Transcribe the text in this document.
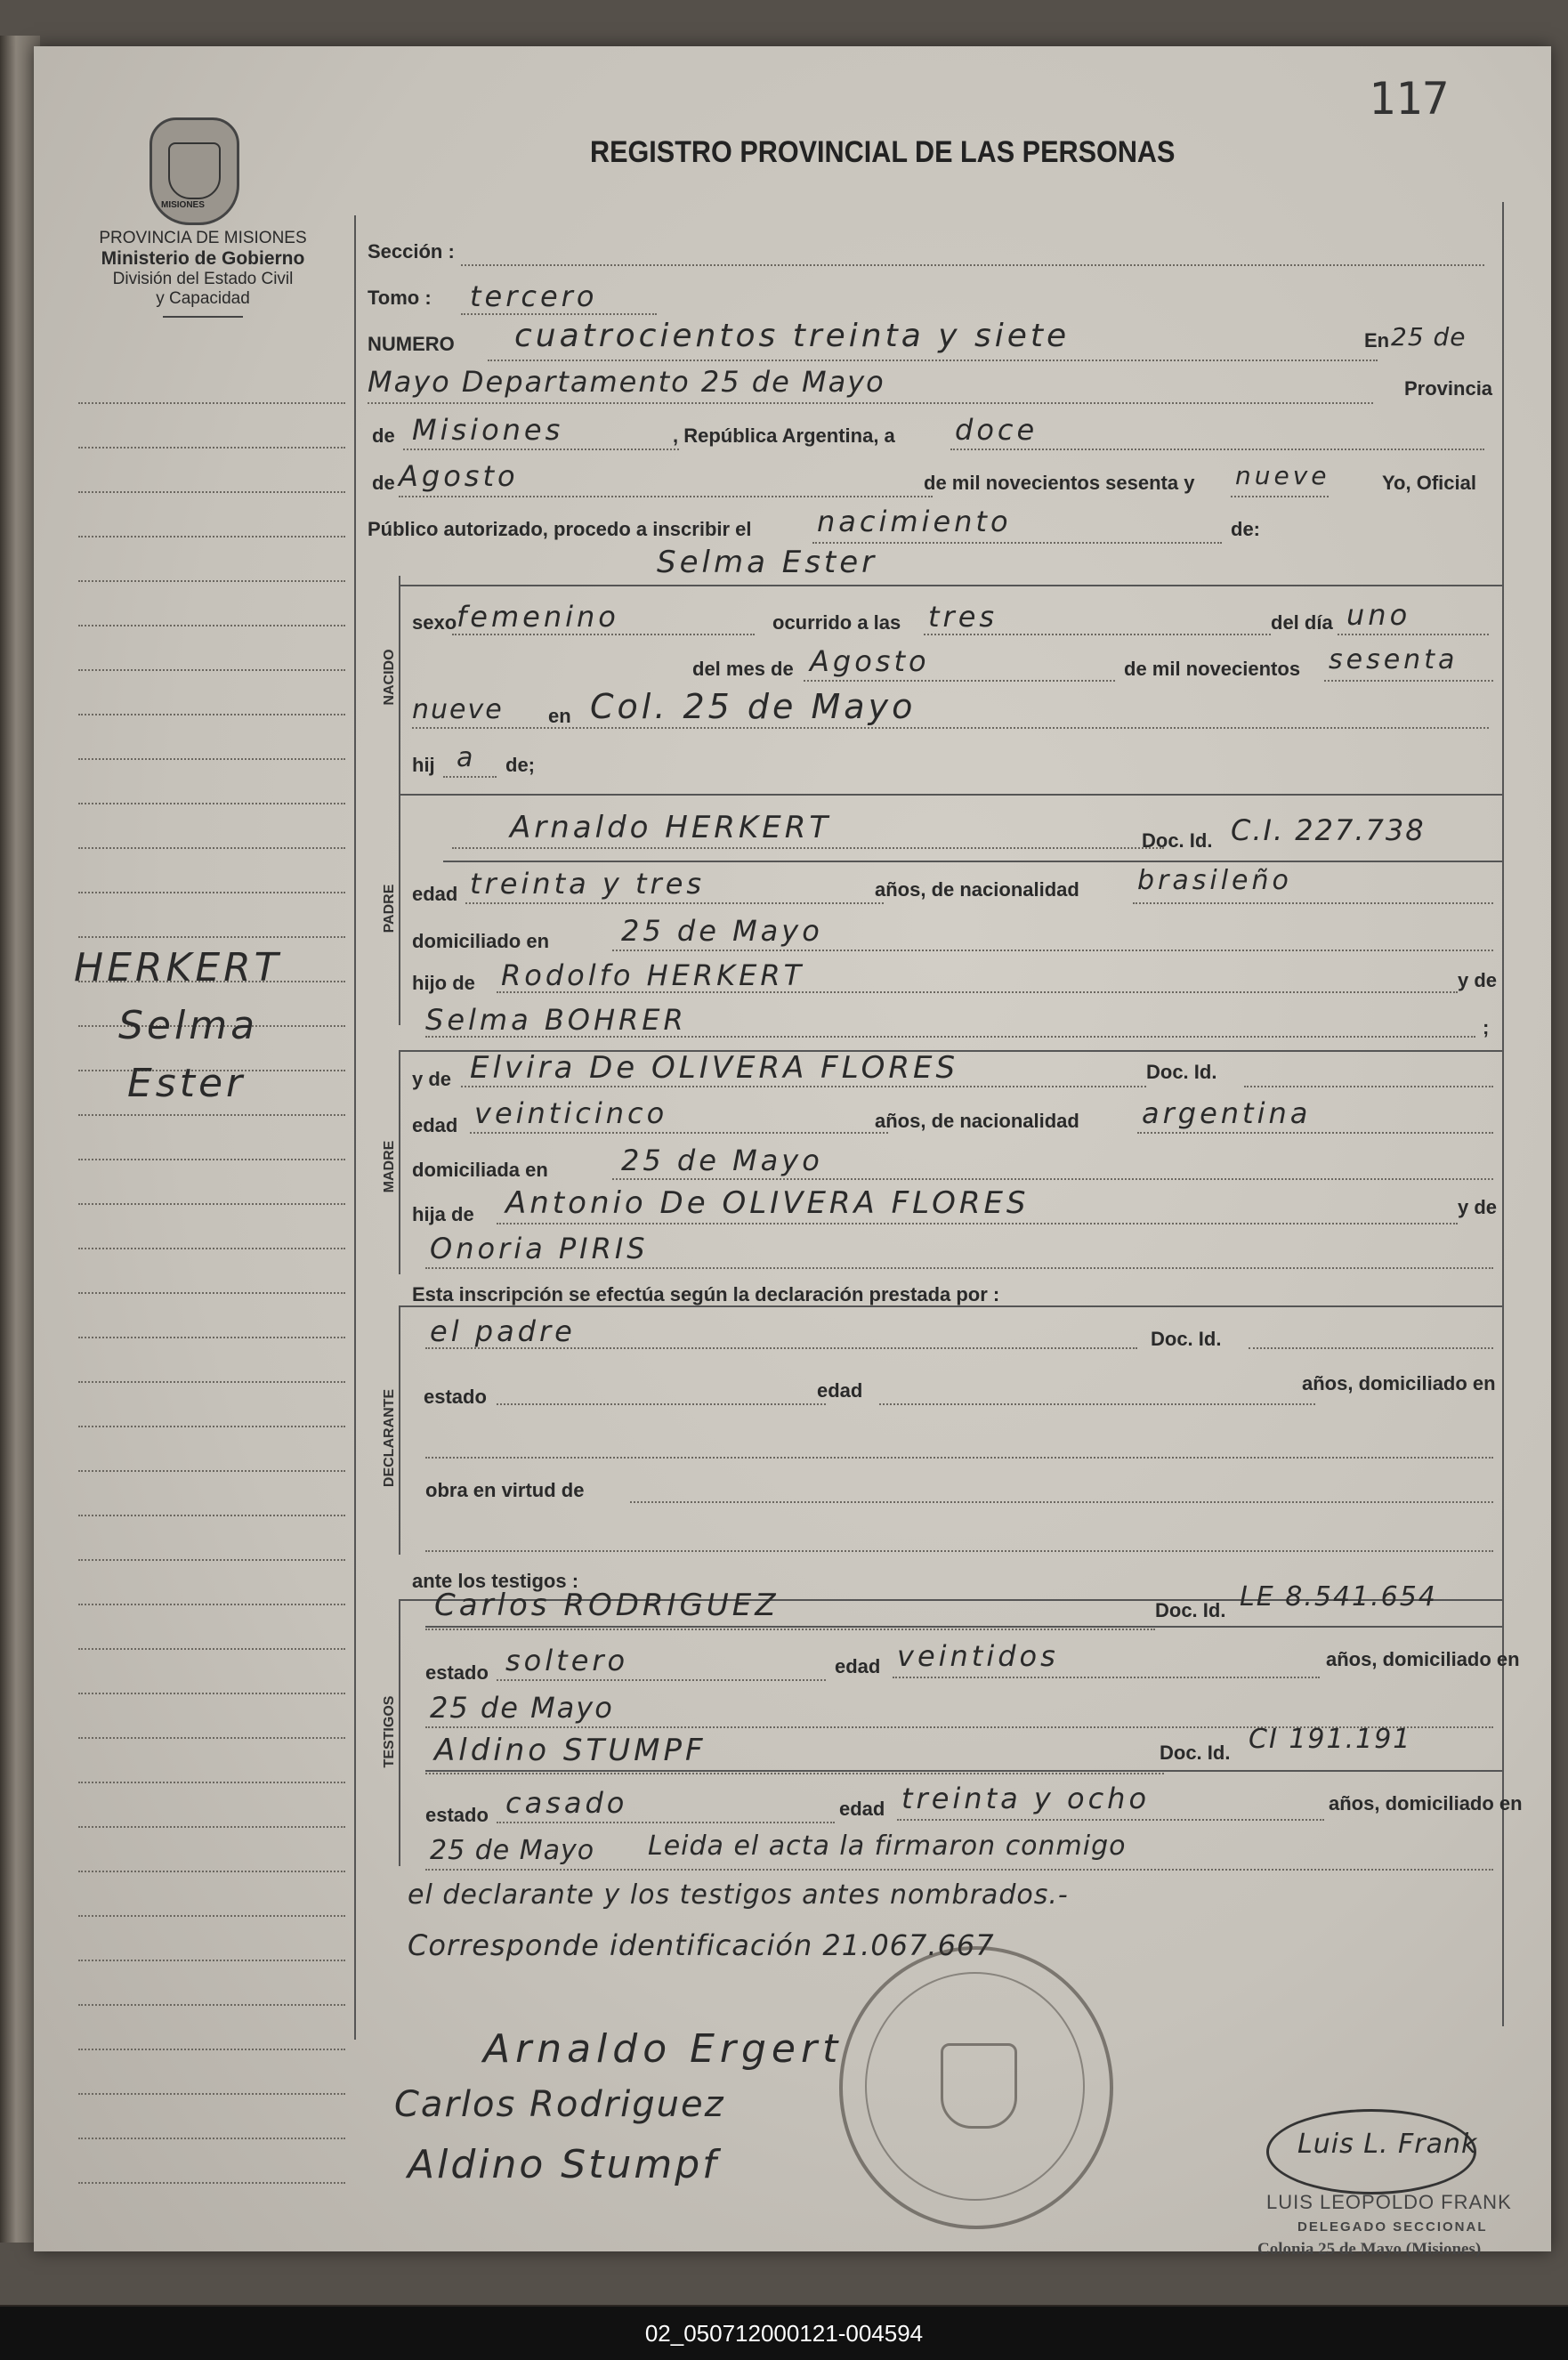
117
MISIONES
REGISTRO PROVINCIAL DE LAS PERSONAS
PROVINCIA DE MISIONES
Ministerio de Gobierno
División del Estado Civil
y Capacidad
HERKERT
Selma
Ester
Sección :
Tomo : tercero
NUMERO cuatrocientos treinta y siete	En 25 de
Mayo Departamento 25 de Mayo	Provincia
de Misiones	, República Argentina, a doce
de Agosto	de mil novecientos sesenta y nueve	Yo, Oficial
Público autorizado, procedo a inscribir el nacimiento	de:
NACIDO
Selma Ester
sexo femenino	ocurrido a las tres	del día uno
del mes de Agosto	de mil novecientos sesenta
nueve en Col. 25 de Mayo
hij a de;
PADRE
Arnaldo HERKERT	Doc. Id. C.I. 227.738
edad treinta y tres	años, de nacionalidad brasileño
domiciliado en	25 de Mayo
hijo de Rodolfo HERKERT	y de
Selma BOHRER	;
MADRE
y de Elvira De OLIVERA FLORES	Doc. Id.
edad veinticinco	años, de nacionalidad argentina
domiciliada en	25 de Mayo
hija de Antonio De OLIVERA FLORES	y de
Onoria PIRIS
Esta inscripción se efectúa según la declaración prestada por :
DECLARANTE
el padre	Doc. Id.
estado	edad	años, domiciliado en
obra en virtud de
ante los testigos :
TESTIGOS
Carlos RODRIGUEZ	Doc. Id. LE 8.541.654
estado soltero	edad veintidos	años, domiciliado en
25 de Mayo
Aldino STUMPF	Doc. Id. CI 191.191
estado casado	edad treinta y ocho	años, domiciliado en
25 de Mayo Leida el acta la firmaron conmigo
el declarante y los testigos antes nombrados.-
Corresponde identificación 21.067.667
Arnaldo Ergert
Carlos Rodriguez
Aldino Stumpf	Luis L. Frank
LUIS LEOPOLDO FRANK
DELEGADO SECCIONAL
Colonia 25 de Mayo (Misiones)
02_050712000121-004594
